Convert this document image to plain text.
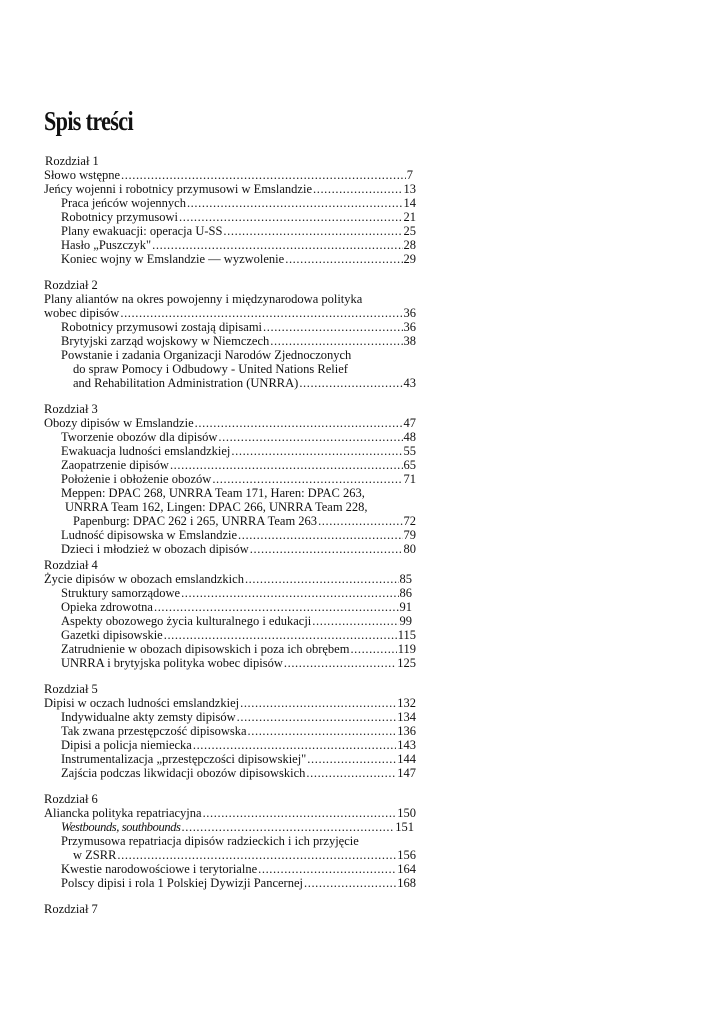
Spis treści
Rozdział 1
Słowo wstępne .....	7
Jeńcy wojenni i robotnicy przymusowi w Emslandzie .....	13
Praca jeńców wojennych .....	14
Robotnicy przymusowi .....	21
Plany ewakuacji: operacja U-SS .....	25
Hasło „Puszczyk" .....	28
Koniec wojny w Emslandzie — wyzwolenie .....	29
Rozdział 2
Plany aliantów na okres powojenny i międzynarodowa polityka
wobec dipisów .....	36
Robotnicy przymusowi zostają dipisami .....	36
Brytyjski zarząd wojskowy w Niemczech .....	38
Powstanie i zadania Organizacji Narodów Zjednoczonych
do spraw Pomocy i Odbudowy - United Nations Relief
and Rehabilitation Administration (UNRRA) .....	43
Rozdział 3
Obozy dipisów w Emslandzie .....	47
Tworzenie obozów dla dipisów .....	48
Ewakuacja ludności emslandzkiej .....	55
Zaopatrzenie dipisów .....	65
Położenie i obłożenie obozów .....	71
Meppen: DPAC 268, UNRRA Team 171, Haren: DPAC 263,
UNRRA Team 162, Lingen: DPAC 266, UNRRA Team 228,
Papenburg: DPAC 262 i 265, UNRRA Team 263 .....	72
Ludność dipisowska w Emslandzie .....	79
Dzieci i młodzież w obozach dipisów .....	80
Rozdział 4
Życie dipisów w obozach emslandzkich .....	85
Struktury samorządowe .....	86
Opieka zdrowotna .....	91
Aspekty obozowego życia kulturalnego i edukacji .....	99
Gazetki dipisowskie .....	115
Zatrudnienie w obozach dipisowskich i poza ich obrębem .....	119
UNRRA i brytyjska polityka wobec dipisów .....	125
Rozdział 5
Dipisi w oczach ludności emslandzkiej .....	132
Indywidualne akty zemsty dipisów .....	134
Tak zwana przestępczość dipisowska .....	136
Dipisi a policja niemiecka .....	143
Instrumentalizacja „przestępczości dipisowskiej" .....	144
Zajścia podczas likwidacji obozów dipisowskich .....	147
Rozdział 6
Aliancka polityka repatriacyjna .....	150
Westbounds, southbounds .....	151
Przymusowa repatriacja dipisów radzieckich i ich przyjęcie
w ZSRR .....	156
Kwestie narodowościowe i terytorialne .....	164
Polscy dipisi i rola 1 Polskiej Dywizji Pancernej .....	168
Rozdział 7
